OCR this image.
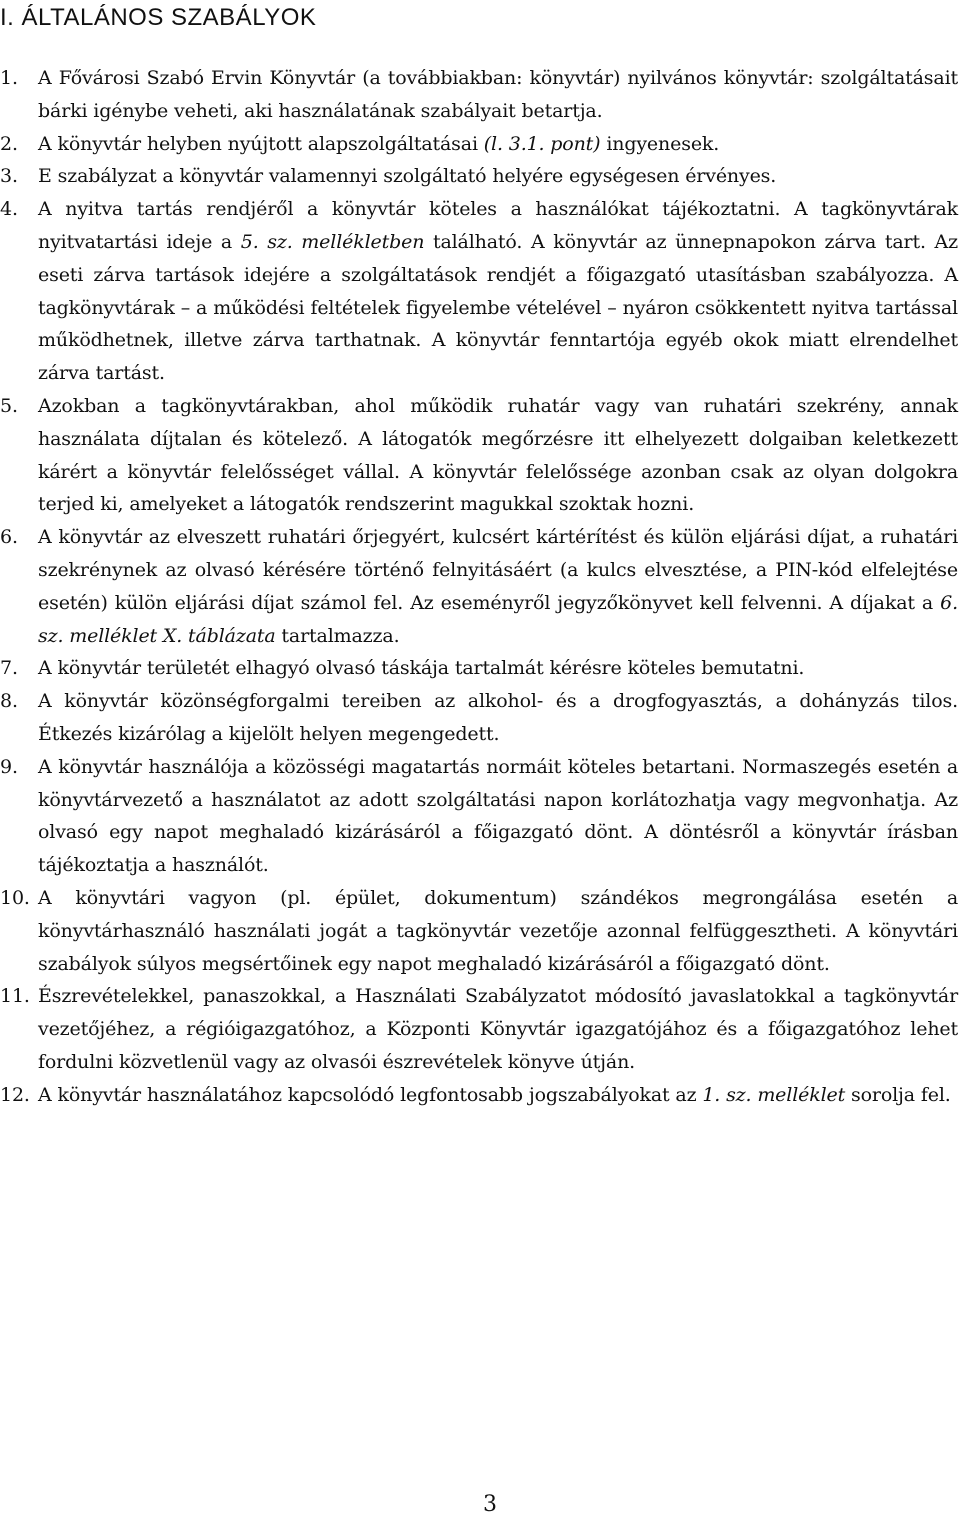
I. ÁLTALÁNOS SZABÁLYOK
1. A Fővárosi Szabó Ervin Könyvtár (a továbbiakban: könyvtár) nyilvános könyvtár: szolgáltatásait bárki igénybe veheti, aki használatának szabályait betartja.
2. A könyvtár helyben nyújtott alapszolgáltatásai (l. 3.1. pont) ingyenesek.
3. E szabályzat a könyvtár valamennyi szolgáltató helyére egységesen érvényes.
4. A nyitva tartás rendjéről a könyvtár köteles a használókat tájékoztatni. A tagkönyvtárak nyitvatartási ideje a 5. sz. mellékletben található. A könyvtár az ünnepnapokon zárva tart. Az eseti zárva tartások idejére a szolgáltatások rendjét a főigazgató utasításban szabályozza. A tagkönyvtárak – a működési feltételek figyelembe vételével – nyáron csökkentett nyitva tartással működhetnek, illetve zárva tarthatnak. A könyvtár fenntartója egyéb okok miatt elrendelhet zárva tartást.
5. Azokban a tagkönyvtárakban, ahol működik ruhatár vagy van ruhatári szekrény, annak használata díjtalan és kötelező. A látogatók megőrzésre itt elhelyezett dolgaiban keletkezett kárért a könyvtár felelősséget vállal. A könyvtár felelőssége azonban csak az olyan dolgokra terjed ki, amelyeket a látogatók rendszerint magukkal szoktak hozni.
6. A könyvtár az elveszett ruhatári őrjegyért, kulcsért kártérítést és külön eljárási díjat, a ruhatári szekrénynek az olvasó kérésére történő felnyitásáért (a kulcs elvesztése, a PIN-kód elfelejtése esetén) külön eljárási díjat számol fel. Az eseményről jegyzőkönyvet kell felvenni. A díjakat a 6. sz. melléklet X. táblázata tartalmazza.
7. A könyvtár területét elhagyó olvasó táskája tartalmát kérésre köteles bemutatni.
8. A könyvtár közönségforgalmi tereiben az alkohol- és a drogfogyasztás, a dohányzás tilos. Étkezés kizárólag a kijelölt helyen megengedett.
9. A könyvtár használója a közösségi magatartás normáit köteles betartani. Normaszegés esetén a könyvtárvezető a használatot az adott szolgáltatási napon korlátozhatja vagy megvonhatja. Az olvasó egy napot meghaladó kizárásáról a főigazgató dönt. A döntésről a könyvtár írásban tájékoztatja a használót.
10. A könyvtári vagyon (pl. épület, dokumentum) szándékos megrongálása esetén a könyvtárhasználó használati jogát a tagkönyvtár vezetője azonnal felfüggesztheti. A könyvtári szabályok súlyos megsértőinek egy napot meghaladó kizárásáról a főigazgató dönt.
11. Észrevételekkel, panaszokkal, a Használati Szabályzatot módosító javaslatokkal a tagkönyvtár vezetőjéhez, a régióigazgatóhoz, a Központi Könyvtár igazgatójához és a főigazgatóhoz lehet fordulni közvetlenül vagy az olvasói észrevételek könyve útján.
12. A könyvtár használatához kapcsolódó legfontosabb jogszabályokat az 1. sz. melléklet sorolja fel.
3
